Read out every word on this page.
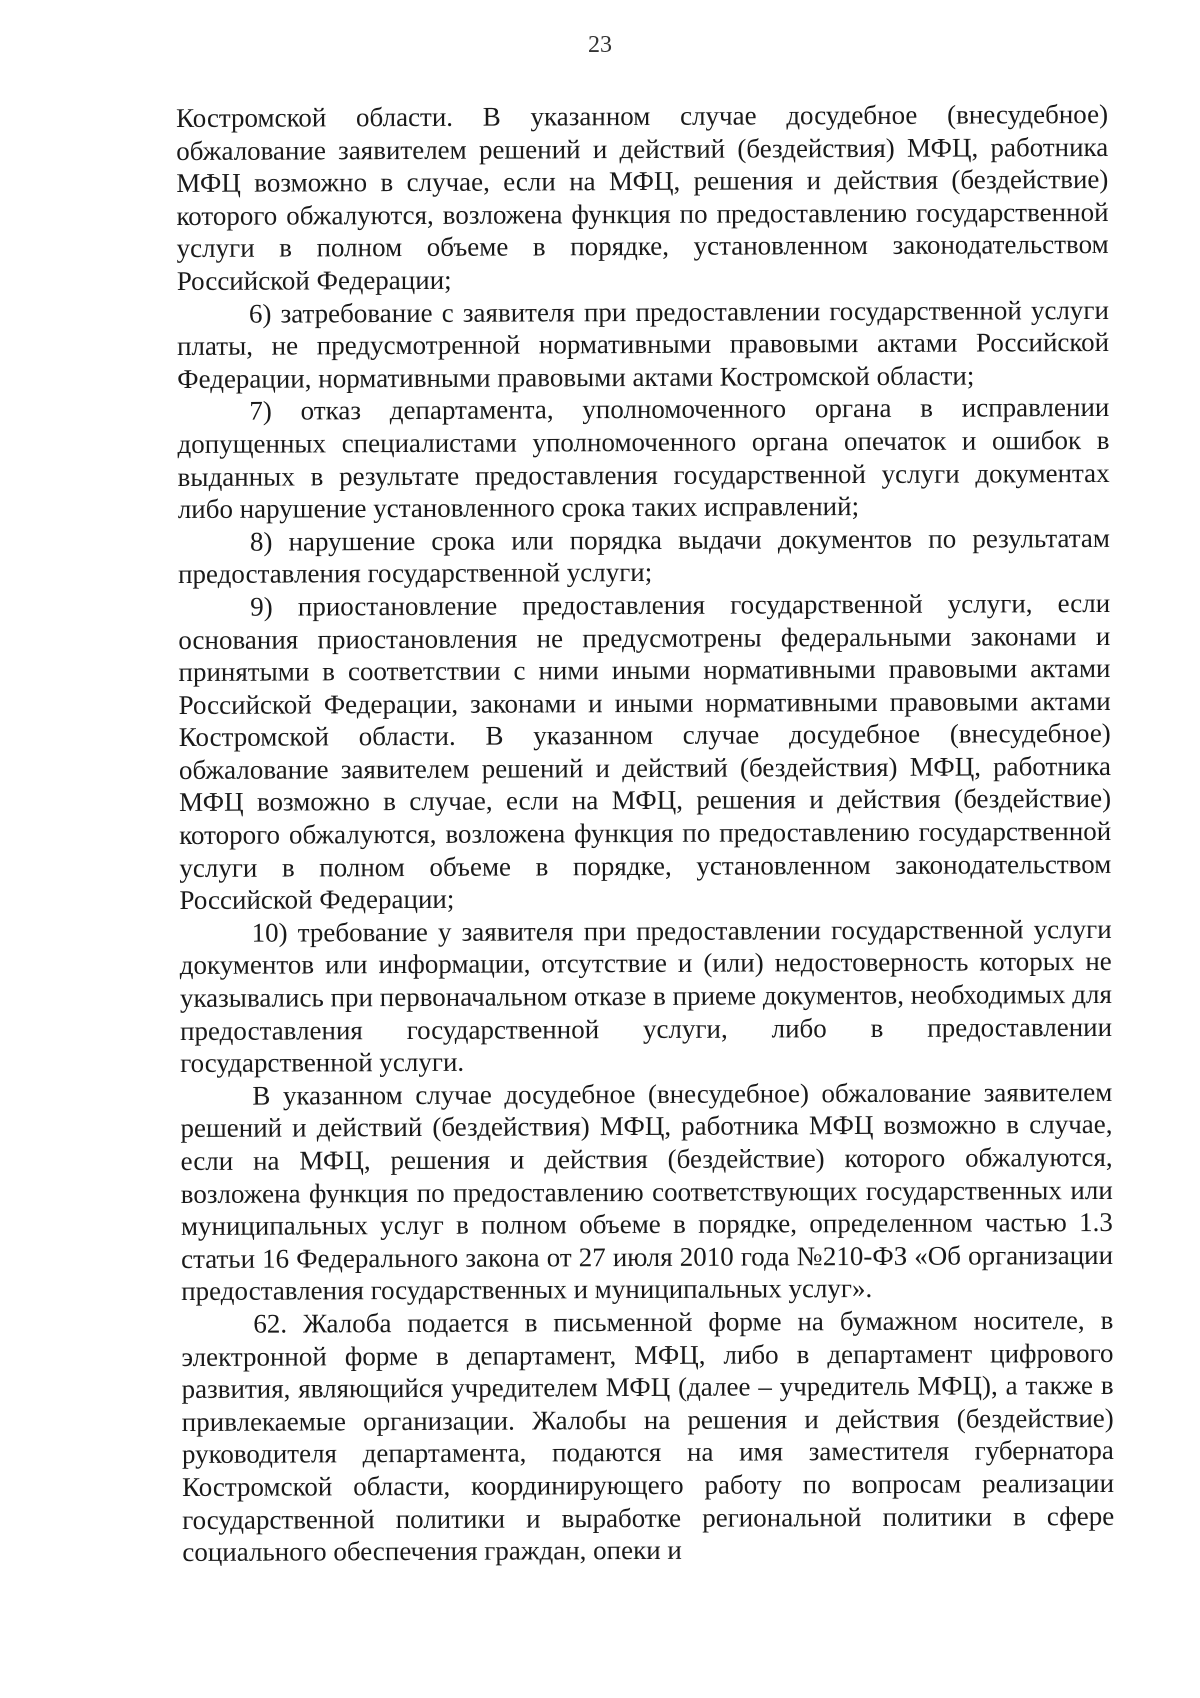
23

Костромской области. В указанном случае досудебное (внесудебное) обжалование заявителем решений и действий (бездействия) МФЦ, работника МФЦ возможно в случае, если на МФЦ, решения и действия (бездействие) которого обжалуются, возложена функция по предоставлению государственной услуги в полном объеме в порядке, установленном законодательством Российской Федерации;

6) затребование с заявителя при предоставлении государственной услуги платы, не предусмотренной нормативными правовыми актами Российской Федерации, нормативными правовыми актами Костромской области;

7) отказ департамента, уполномоченного органа в исправлении допущенных специалистами уполномоченного органа опечаток и ошибок в выданных в результате предоставления государственной услуги документах либо нарушение установленного срока таких исправлений;

8) нарушение срока или порядка выдачи документов по результатам предоставления государственной услуги;

9) приостановление предоставления государственной услуги, если основания приостановления не предусмотрены федеральными законами и принятыми в соответствии с ними иными нормативными правовыми актами Российской Федерации, законами и иными нормативными правовыми актами Костромской области. В указанном случае досудебное (внесудебное) обжалование заявителем решений и действий (бездействия) МФЦ, работника МФЦ возможно в случае, если на МФЦ, решения и действия (бездействие) которого обжалуются, возложена функция по предоставлению государственной услуги в полном объеме в порядке, установленном законодательством Российской Федерации;

10) требование у заявителя при предоставлении государственной услуги документов или информации, отсутствие и (или) недостоверность которых не указывались при первоначальном отказе в приеме документов, необходимых для предоставления государственной услуги, либо в предоставлении государственной услуги.

В указанном случае досудебное (внесудебное) обжалование заявителем решений и действий (бездействия) МФЦ, работника МФЦ возможно в случае, если на МФЦ, решения и действия (бездействие) которого обжалуются, возложена функция по предоставлению соответствующих государственных или муниципальных услуг в полном объеме в порядке, определенном частью 1.3 статьи 16 Федерального закона от 27 июля 2010 года №210-ФЗ «Об организации предоставления государственных и муниципальных услуг».

62. Жалоба подается в письменной форме на бумажном носителе, в электронной форме в департамент, МФЦ, либо в департамент цифрового развития, являющийся учредителем МФЦ (далее – учредитель МФЦ), а также в привлекаемые организации. Жалобы на решения и действия (бездействие) руководителя департамента, подаются на имя заместителя губернатора Костромской области, координирующего работу по вопросам реализации государственной политики и выработке региональной политики в сфере социального обеспечения граждан, опеки и
